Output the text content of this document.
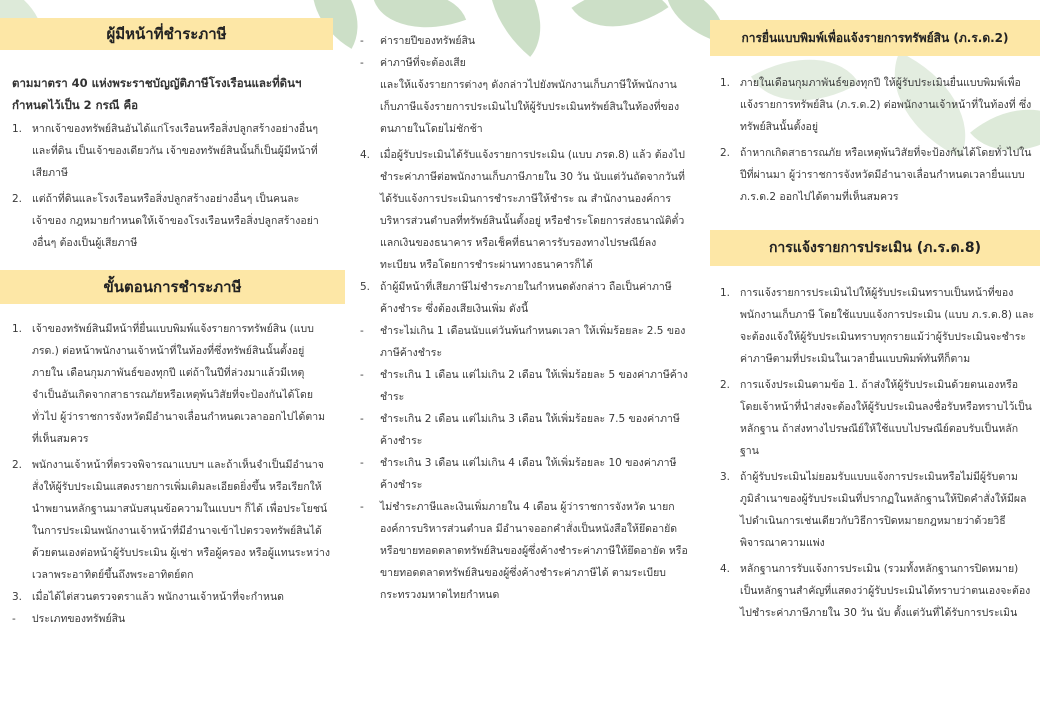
ผู้มีหน้าที่ชำระภาษี
ตามมาตรา 40 แห่งพระราชบัญญัติภาษีโรงเรือนและที่ดินฯ กำหนดไว้เป็น 2 กรณี คือ
1. หากเจ้าของทรัพย์สินอันได้แก่โรงเรือนหรือสิ่งปลูกสร้างอย่างอื่นๆ และที่ดิน เป็นเจ้าของเดียวกัน เจ้าของทรัพย์สินนั้นก็เป็นผู้มีหน้าที่เสียภาษี
2. แต่ถ้าที่ดินและโรงเรือนหรือสิ่งปลูกสร้างอย่างอื่นๆ เป็นคนละเจ้าของ กฎหมายกำหนดให้เจ้าของโรงเรือนหรือสิ่งปลูกสร้างอย่างอื่นๆ ต้องเป็นผู้เสียภาษี
ขั้นตอนการชำระภาษี
1. เจ้าของทรัพย์สินมีหน้าที่ยื่นแบบพิมพ์แจ้งรายการทรัพย์สิน (แบบ ภรด.) ต่อหน้าพนักงานเจ้าหน้าที่ในท้องที่ซึ่งทรัพย์สินนั้นตั้งอยู่ภายใน เดือนกุมภาพันธ์ของทุกปี แต่ถ้าในปีที่ล่วงมาแล้วมีเหตุจำเป็นอันเกิดจากสาธารณภัยหรือเหตุพ้นวิสัยที่จะป้องกันได้โดยทั่วไป ผู้ว่าราชการจังหวัดมีอำนาจเลื่อนกำหนดเวลาออกไปได้ตามที่เห็นสมควร
2. พนักงานเจ้าหน้าที่ตรวจพิจารณาแบบฯ และถ้าเห็นจำเป็นมีอำนาจสั่งให้ผู้รับประเมินแสดงรายการเพิ่มเติมละเอียดยิ่งขึ้น หรือเรียกให้นำพยานหลักฐานมาสนับสนุนข้อความในแบบฯ ก็ได้ เพื่อประโยชน์ในการประเมินพนักงานเจ้าหน้าที่มีอำนาจเข้าไปตรวจทรัพย์สินได้ด้วยตนเองต่อหน้าผู้รับประเมิน ผู้เช่า หรือผู้ครอง หรือผู้แทนระหว่างเวลาพระอาทิตย์ขึ้นถึงพระอาทิตย์ตก
3. เมื่อได้ไต่สวนตรวจตราแล้ว พนักงานเจ้าหน้าที่จะกำหนด
- ประเภทของทรัพย์สิน
- ค่ารายปีของทรัพย์สิน
- ค่าภาษีที่จะต้องเสีย
และให้แจ้งรายการต่างๆ ดังกล่าวไปยังพนักงานเก็บภาษีให้พนักงานเก็บภาษีแจ้งรายการประเมินไปให้ผู้รับประเมินทรัพย์สินในท้องที่ของตนภายในโดยไม่ชักช้า
4. เมื่อผู้รับประเมินได้รับแจ้งรายการประเมิน (แบบ ภรด.8) แล้ว ต้องไปชำระค่าภาษีต่อพนักงานเก็บภาษีภายใน 30 วัน นับแต่วันถัดจากวันที่ได้รับแจ้งการประเมินการชำระภาษีให้ชำระ ณ สำนักงานองค์การบริหารส่วนตำบลที่ทรัพย์สินนั้นตั้งอยู่ หรือชำระโดยการส่งธนาณัติตั๋วแลกเงินของธนาคาร หรือเช็คที่ธนาคารรับรองทางไปรษณีย์ลงทะเบียน หรือโดยการชำระผ่านทางธนาคารก็ได้
5. ถ้าผู้มีหน้าที่เสียภาษีไม่ชำระภายในกำหนดดังกล่าว ถือเป็นค่าภาษีค้างชำระ ซึ่งต้องเสียเงินเพิ่ม ดังนี้
- ชำระไม่เกิน 1 เดือนนับแต่วันพ้นกำหนดเวลา ให้เพิ่มร้อยละ 2.5 ของภาษีค้างชำระ
- ชำระเกิน 1 เดือน แต่ไม่เกิน 2 เดือน ให้เพิ่มร้อยละ 5 ของค่าภาษีค้างชำระ
- ชำระเกิน 2 เดือน แต่ไม่เกิน 3 เดือน ให้เพิ่มร้อยละ 7.5 ของค่าภาษีค้างชำระ
- ชำระเกิน 3 เดือน แต่ไม่เกิน 4 เดือน ให้เพิ่มร้อยละ 10 ของค่าภาษีค้างชำระ
- ไม่ชำระภาษีและเงินเพิ่มภายใน 4 เดือน ผู้ว่าราชการจังหวัด นายกองค์การบริหารส่วนตำบล มีอำนาจออกคำสั่งเป็นหนังสือให้ยึดอายัด หรือขายทอดตลาดทรัพย์สินของผู้ซึ่งค้างชำระค่าภาษีให้ยึดอายัด หรือขายทอดตลาดทรัพย์สินของผู้ซึ่งค้างชำระค่าภาษีได้ ตามระเบียบกระทรวงมหาดไทยกำหนด
การยื่นแบบพิมพ์เพื่อแจ้งรายการทรัพย์สิน (ภ.ร.ด.2)
1. ภายในเดือนกุมภาพันธ์ของทุกปี ให้ผู้รับประเมินยื่นแบบพิมพ์เพื่อแจ้งรายการทรัพย์สิน (ภ.ร.ด.2) ต่อพนักงานเจ้าหน้าที่ในท้องที่ ซึ่งทรัพย์สินนั้นตั้งอยู่
2. ถ้าหากเกิดสาธารณภัย หรือเหตุพ้นวิสัยที่จะป้องกันได้โดยทั่วไปในปีที่ผ่านมา ผู้ว่าราชการจังหวัดมีอำนาจเลื่อนกำหนดเวลายื่นแบบ ภ.ร.ด.2 ออกไปได้ตามที่เห็นสมควร
การแจ้งรายการประเมิน (ภ.ร.ด.8)
1. การแจ้งรายการประเมินไปให้ผู้รับประเมินทราบเป็นหน้าที่ของพนักงานเก็บภาษี โดยใช้แบบแจ้งการประเมิน (แบบ ภ.ร.ด.8) และจะต้องแจ้งให้ผู้รับประเมินทราบทุกรายแม้ว่าผู้รับประเมินจะชำระค่าภาษีตามที่ประเมินในเวลายื่นแบบพิมพ์ทันทีก็ตาม
2. การแจ้งประเมินตามข้อ 1. ถ้าส่งให้ผู้รับประเมินด้วยตนเองหรือโดยเจ้าหน้าที่นำส่งจะต้องให้ผู้รับประเมินลงชื่อรับหรือทราบไว้เป็นหลักฐาน ถ้าส่งทางไปรษณีย์ให้ใช้แบบไปรษณีย์ตอบรับเป็นหลักฐาน
3. ถ้าผู้รับประเมินไม่ยอมรับแบบแจ้งการประเมินหรือไม่มีผู้รับตามภูมิลำเนาของผู้รับประเมินที่ปรากฏในหลักฐานให้ปิดคำสั่งให้มีผลไปดำเนินการเช่นเดียวกับวิธีการปิดหมายกฎหมายว่าด้วยวิธีพิจารณาความแพ่ง
4. หลักฐานการรับแจ้งการประเมิน (รวมทั้งหลักฐานการปิดหมาย) เป็นหลักฐานสำคัญที่แสดงว่าผู้รับประเมินได้ทราบว่าตนเองจะต้องไปชำระค่าภาษีภายใน 30 วัน นับ ตั้งแต่วันที่ได้รับการประเมิน
